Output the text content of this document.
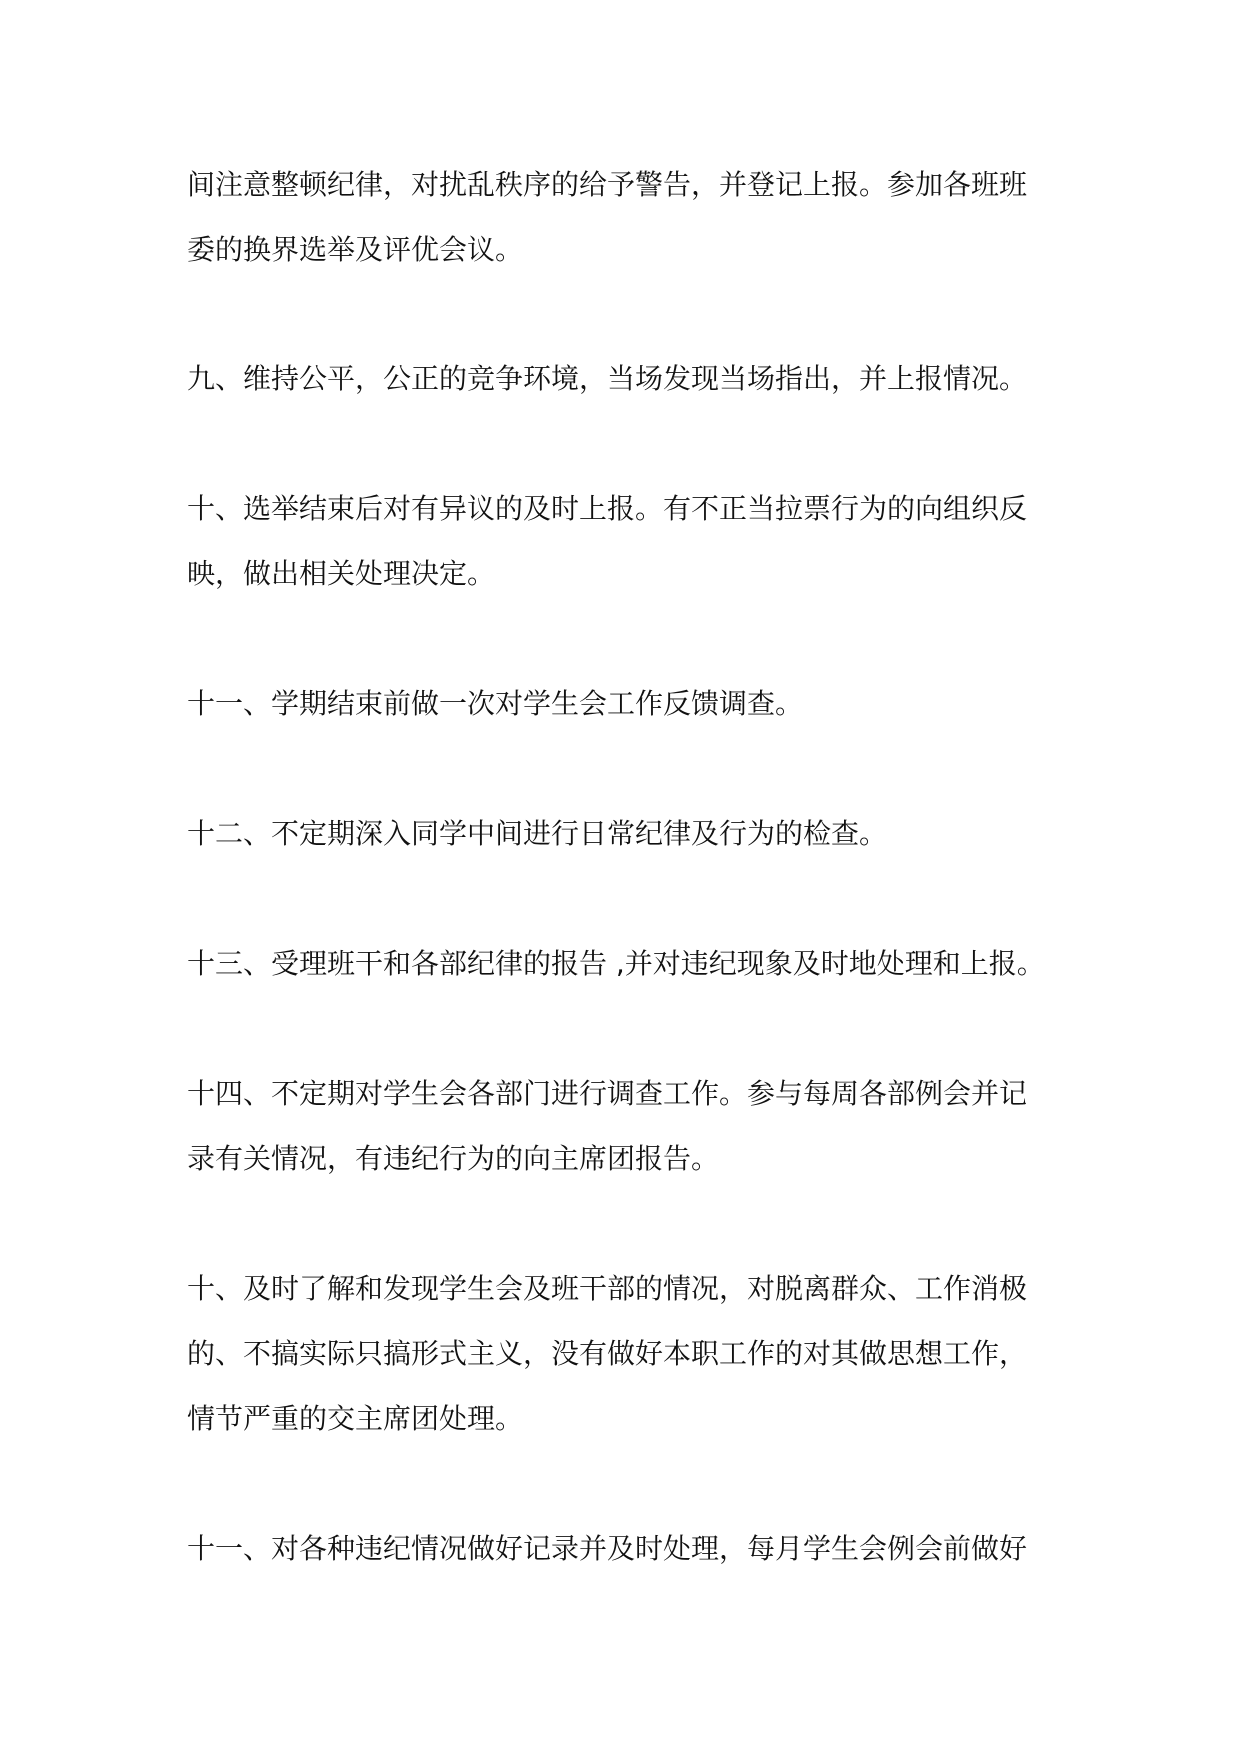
间注意整顿纪律，对扰乱秩序的给予警告，并登记上报。参加各班班
委的换界选举及评优会议。

九、维持公平，公正的竞争环境，当场发现当场指出，并上报情况。

十、选举结束后对有异议的及时上报。有不正当拉票行为的向组织反
映，做出相关处理决定。

十一、学期结束前做一次对学生会工作反馈调查。

十二、不定期深入同学中间进行日常纪律及行为的检查。

十三、受理班干和各部纪律的报告 ,并对违纪现象及时地处理和上报。

十四、不定期对学生会各部门进行调查工作。参与每周各部例会并记
录有关情况，有违纪行为的向主席团报告。

十、及时了解和发现学生会及班干部的情况，对脱离群众、工作消极
的、不搞实际只搞形式主义，没有做好本职工作的对其做思想工作，
情节严重的交主席团处理。

十一、对各种违纪情况做好记录并及时处理，每月学生会例会前做好
